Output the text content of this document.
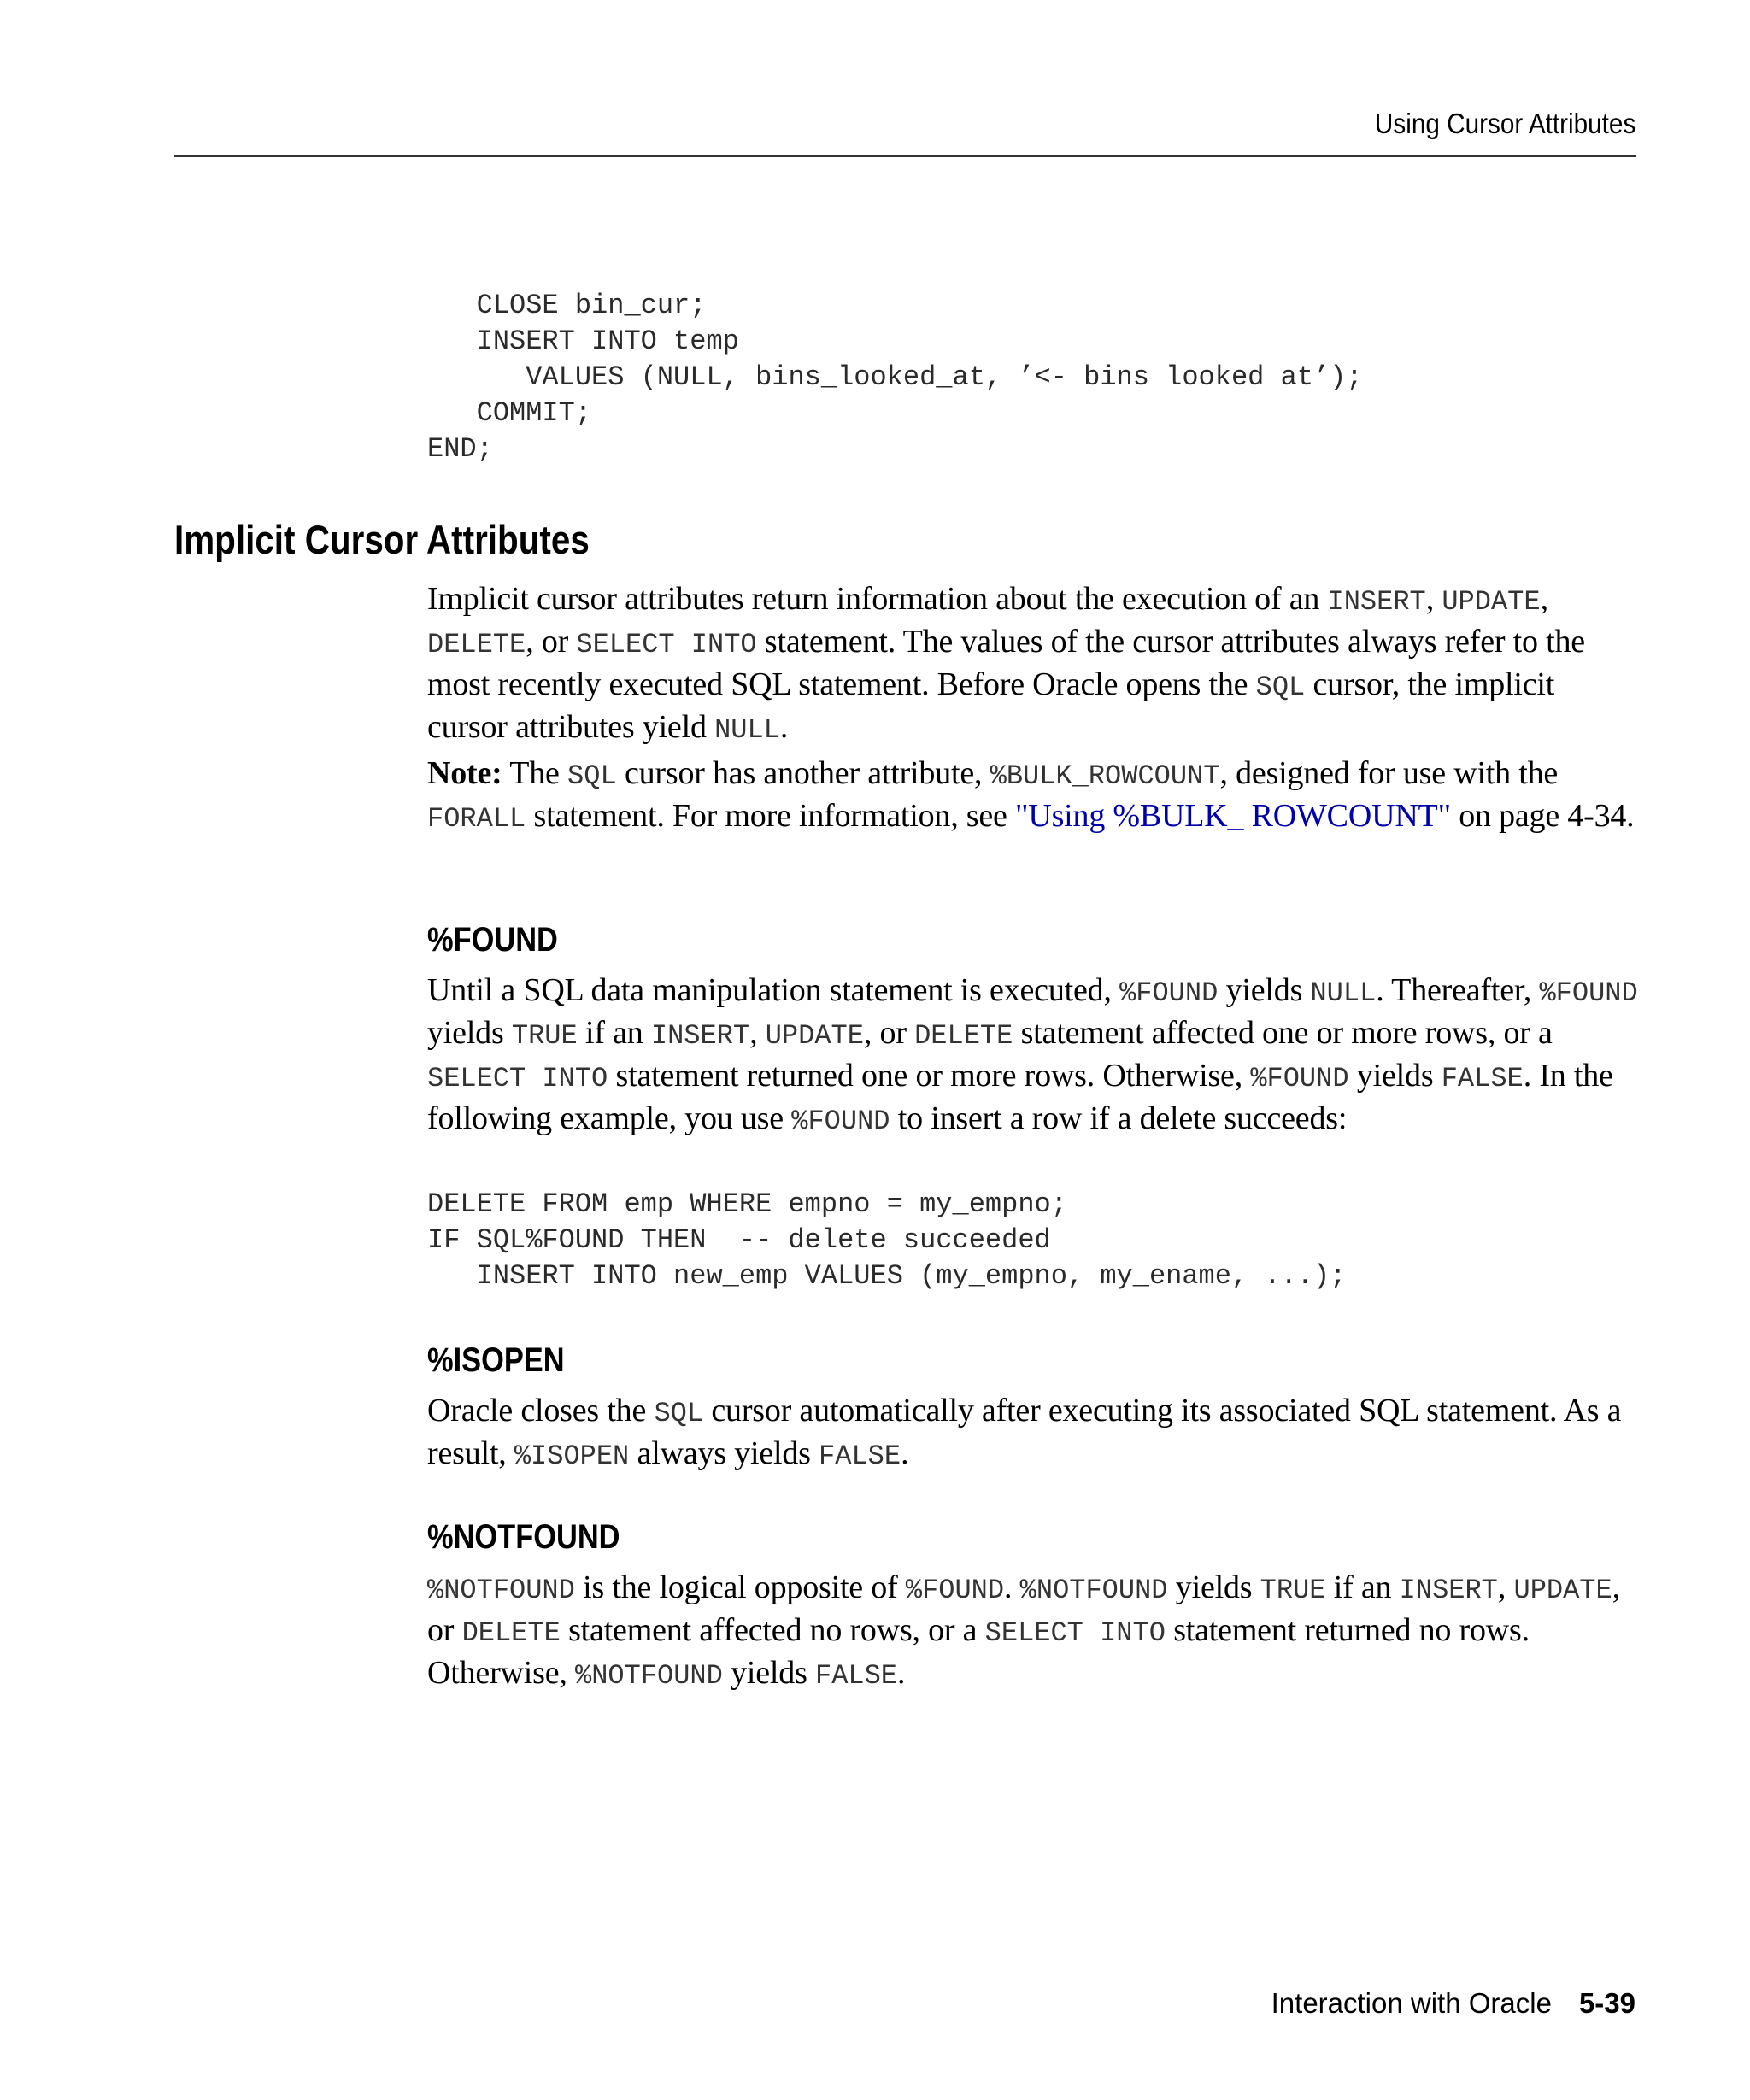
Using Cursor Attributes
CLOSE bin_cur;
INSERT INTO temp
VALUES (NULL, bins_looked_at, ’<- bins looked at’);
COMMIT;
END;
Implicit Cursor Attributes

Implicit cursor attributes return information about the execution of an INSERT, UPDATE, DELETE, or SELECT INTO statement. The values of the cursor attributes always refer to the most recently executed SQL statement. Before Oracle opens the SQL cursor, the implicit cursor attributes yield NULL.

Note: The SQL cursor has another attribute, %BULK_ROWCOUNT, designed for use with the FORALL statement. For more information, see "Using %BULK_ ROWCOUNT" on page 4-34.

%FOUND

Until a SQL data manipulation statement is executed, %FOUND yields NULL. Thereafter, %FOUND yields TRUE if an INSERT, UPDATE, or DELETE statement affected one or more rows, or a SELECT INTO statement returned one or more rows. Otherwise, %FOUND yields FALSE. In the following example, you use %FOUND to insert a row if a delete succeeds:

DELETE FROM emp WHERE empno = my_empno;
IF SQL%FOUND THEN  -- delete succeeded
INSERT INTO new_emp VALUES (my_empno, my_ename, ...);
%ISOPEN

Oracle closes the SQL cursor automatically after executing its associated SQL statement. As a result, %ISOPEN always yields FALSE.

%NOTFOUND

%NOTFOUND is the logical opposite of %FOUND. %NOTFOUND yields TRUE if an INSERT, UPDATE, or DELETE statement affected no rows, or a SELECT INTO statement returned no rows. Otherwise, %NOTFOUND yields FALSE.

Interaction with Oracle 5-39
